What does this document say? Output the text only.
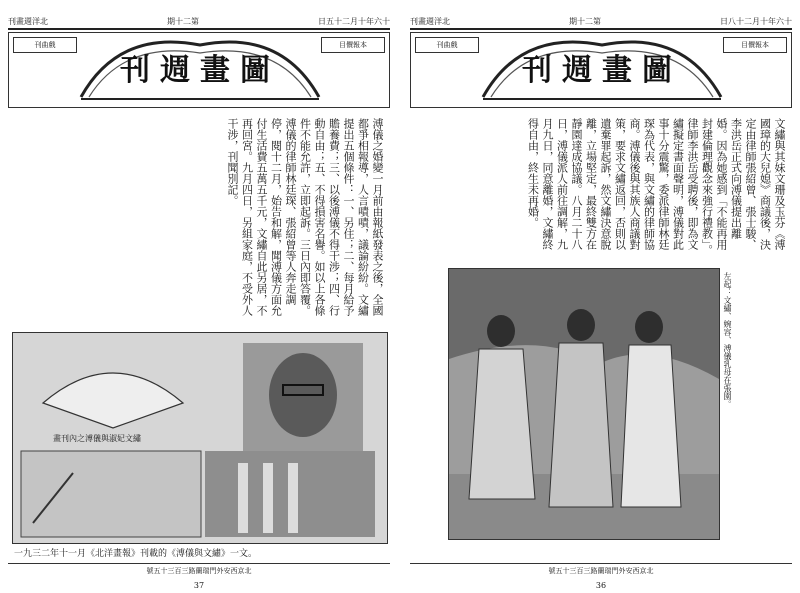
刊畫週洋北	期十二第	日五十二月十年六十
刊曲戲	目價報本
刊週畫圖
溥儀之婚變一月前由報紙發表之後，全國都爭相報導，人言嘖嘖，議論紛紛。文繡提出五個條件：一、另住；二、每月給予贍養費；三、以後溥儀不得干涉；四、行動自由；五、不得損害名譽。如以上各條件不能允許，立即起訴。三日內即答覆。溥儀的律師林廷琛、張紹曾等人奔走調停，閱十二月，始告和解，聞溥儀方面允付生活費五萬五千元，文繡自此另居，不再回宮。九月四日，另組家庭，不受外人干涉，刊聞別記。
畫刊內之溥儀與淑妃文繡
一九三二年十一月《北洋畫報》刊載的《溥儀與文繡》一文。
號五十三百三路蘭瑞門外安西京北
37
刊畫週洋北	期十二第	日八十二月十年六十
刊曲戲	目價報本
刊週畫圖
文繡與其妹文珊及玉芬《溥國璋的大兒媳》商議後，決定由律師張紹曾、張士駿、李洪岳正式向溥儀提出離婚。因為她感到「不能再用封建倫理觀念來強行禮教」。律師李洪岳受聘後，即為文繡擬定書面聲明，溥儀對此事十分震驚，委派律師林廷琛為代表，與文繡的律師協商。溥儀後與其族人商議對策，要求文繡返回，否則以遺棄罪起訴，然文繡決意脫離，立場堅定，最終雙方在靜園達成協議。八月二十八日，溥儀派人前往調解，九月九日，同意離婚，文繡終得自由，終生未再婚。
左起：文繡、婉容、溥儀乳母在張園。
號五十三百三路蘭瑞門外安西京北
36
